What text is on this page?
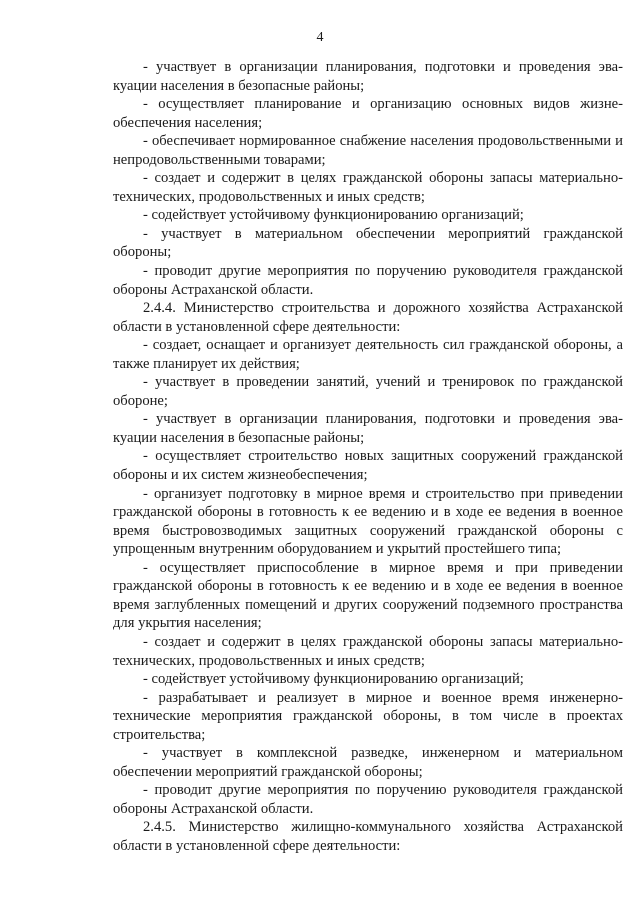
4

- участвует в организации планирования, подготовки и проведения эвакуации населения в безопасные районы;

- осуществляет планирование и организацию основных видов жизнеобеспечения населения;

- обеспечивает нормированное снабжение населения продовольственными и непродовольственными товарами;

- создает и содержит в целях гражданской обороны запасы материально-технических, продовольственных и иных средств;

- содействует устойчивому функционированию организаций;

- участвует в материальном обеспечении мероприятий гражданской обороны;

- проводит другие мероприятия по поручению руководителя гражданской обороны Астраханской области.

2.4.4. Министерство строительства и дорожного хозяйства Астраханской области в установленной сфере деятельности:

- создает, оснащает и организует деятельность сил гражданской обороны, а также планирует их действия;

- участвует в проведении занятий, учений и тренировок по гражданской обороне;

- участвует в организации планирования, подготовки и проведения эвакуации населения в безопасные районы;

- осуществляет строительство новых защитных сооружений гражданской обороны и их систем жизнеобеспечения;

- организует подготовку в мирное время и строительство при приведении гражданской обороны в готовность к ее ведению и в ходе ее ведения в военное время быстровозводимых защитных сооружений гражданской обороны с упрощенным внутренним оборудованием и укрытий простейшего типа;

- осуществляет приспособление в мирное время и при приведении гражданской обороны в готовность к ее ведению и в ходе ее ведения в военное время заглубленных помещений и других сооружений подземного пространства для укрытия населения;

- создает и содержит в целях гражданской обороны запасы материально-технических, продовольственных и иных средств;

- содействует устойчивому функционированию организаций;

- разрабатывает и реализует в мирное и военное время инженерно-технические мероприятия гражданской обороны, в том числе в проектах строительства;

- участвует в комплексной разведке, инженерном и материальном обеспечении мероприятий гражданской обороны;

- проводит другие мероприятия по поручению руководителя гражданской обороны Астраханской области.

2.4.5. Министерство жилищно-коммунального хозяйства Астраханской области в установленной сфере деятельности:
